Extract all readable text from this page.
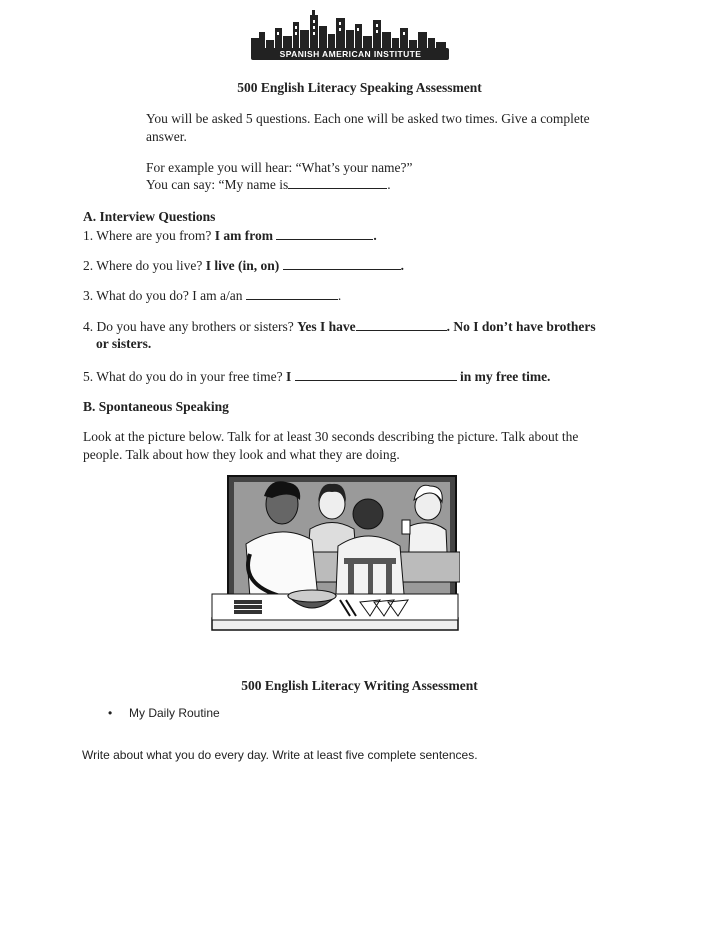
SPANISH AMERICAN INSTITUTE
500 English Literacy Speaking Assessment
You will be asked 5 questions. Each one will be asked two times. Give a complete
answer.
For example you will hear: “What’s your name?”
You can say: “My name is	.
A. Interview Questions
1. Where are you from? I am from	.
2. Where do you live? I live (in, on)	.
3. What do you do? I am a/an	.
4. Do you have any brothers or sisters? Yes I have	. No I don’t have brothers
or sisters.
5. What do you do in your free time? I	in my free time.
B. Spontaneous Speaking
Look at the picture below. Talk for at least 30 seconds describing the picture. Talk about the
people. Talk about how they look and what they are doing.
500 English Literacy Writing Assessment
• My Daily Routine
Write about what you do every day. Write at least five complete sentences.
